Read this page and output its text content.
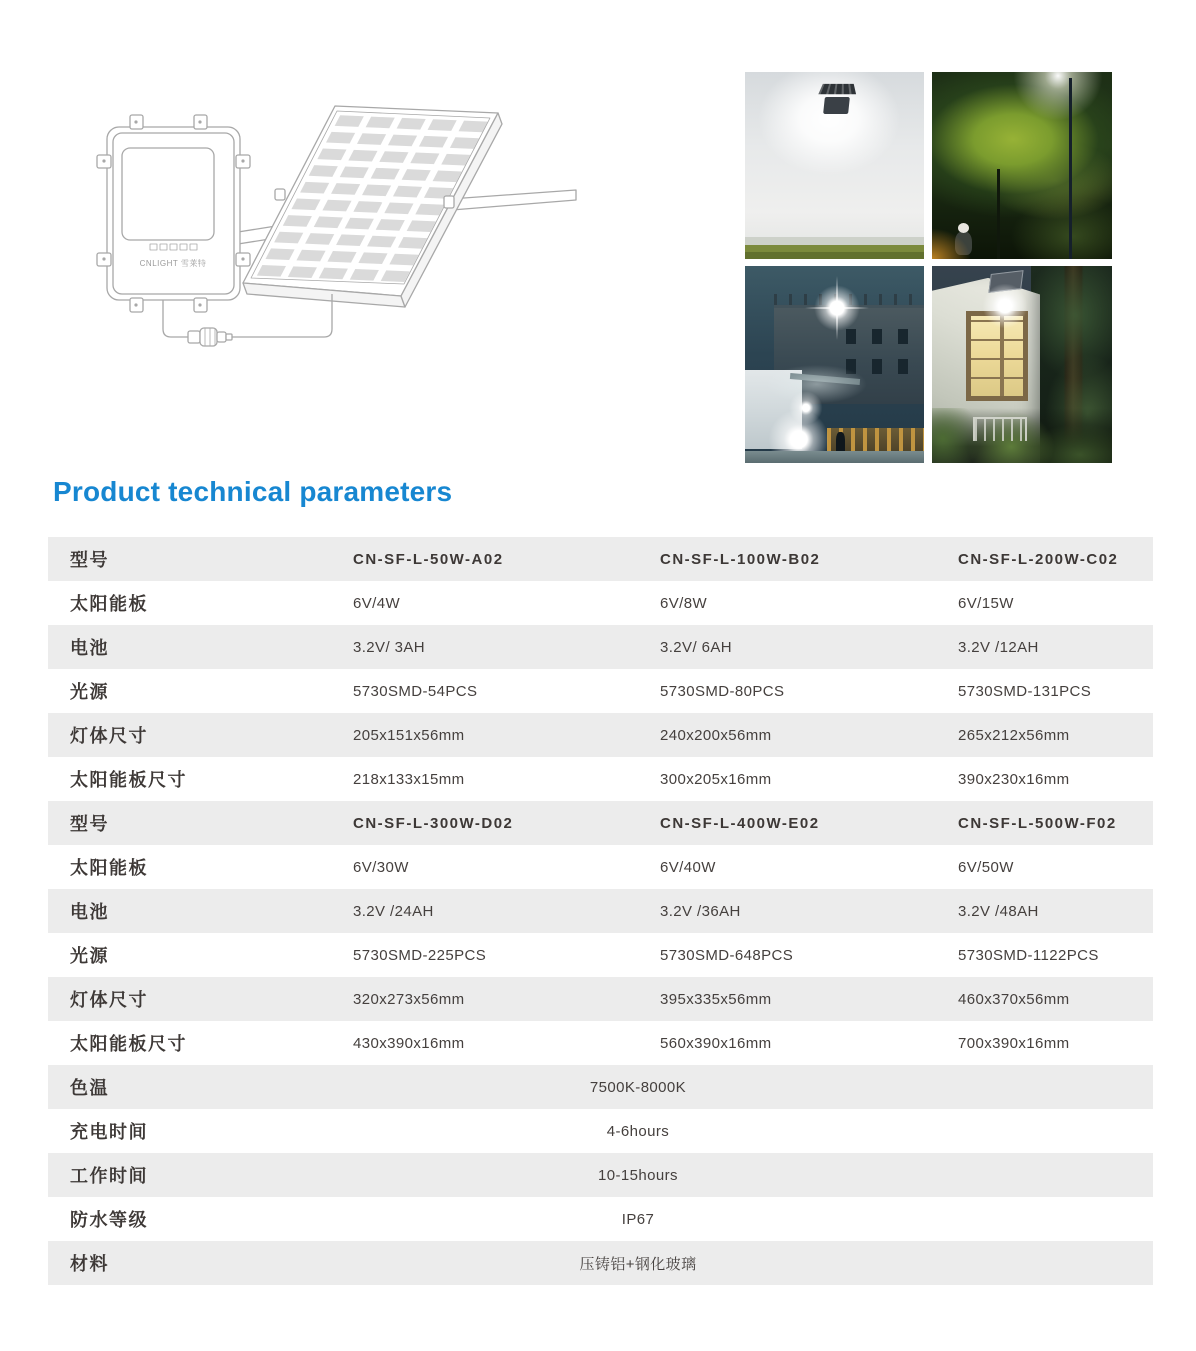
CNLIGHT 雪莱特
Product technical parameters
型号	CN-SF-L-50W-A02	CN-SF-L-100W-B02	CN-SF-L-200W-C02
太阳能板	6V/4W	6V/8W	6V/15W
电池	3.2V/ 3AH	3.2V/ 6AH	3.2V /12AH
光源	5730SMD-54PCS	5730SMD-80PCS	5730SMD-131PCS
灯体尺寸	205x151x56mm	240x200x56mm	265x212x56mm
太阳能板尺寸	218x133x15mm	300x205x16mm	390x230x16mm
型号	CN-SF-L-300W-D02	CN-SF-L-400W-E02	CN-SF-L-500W-F02
太阳能板	6V/30W	6V/40W	6V/50W
电池	3.2V /24AH	3.2V /36AH	3.2V /48AH
光源	5730SMD-225PCS	5730SMD-648PCS	5730SMD-1122PCS
灯体尺寸	320x273x56mm	395x335x56mm	460x370x56mm
太阳能板尺寸	430x390x16mm	560x390x16mm	700x390x16mm
色温	7500K-8000K
充电时间	4-6hours
工作时间	10-15hours
防水等级	IP67
材料	压铸铝+钢化玻璃
